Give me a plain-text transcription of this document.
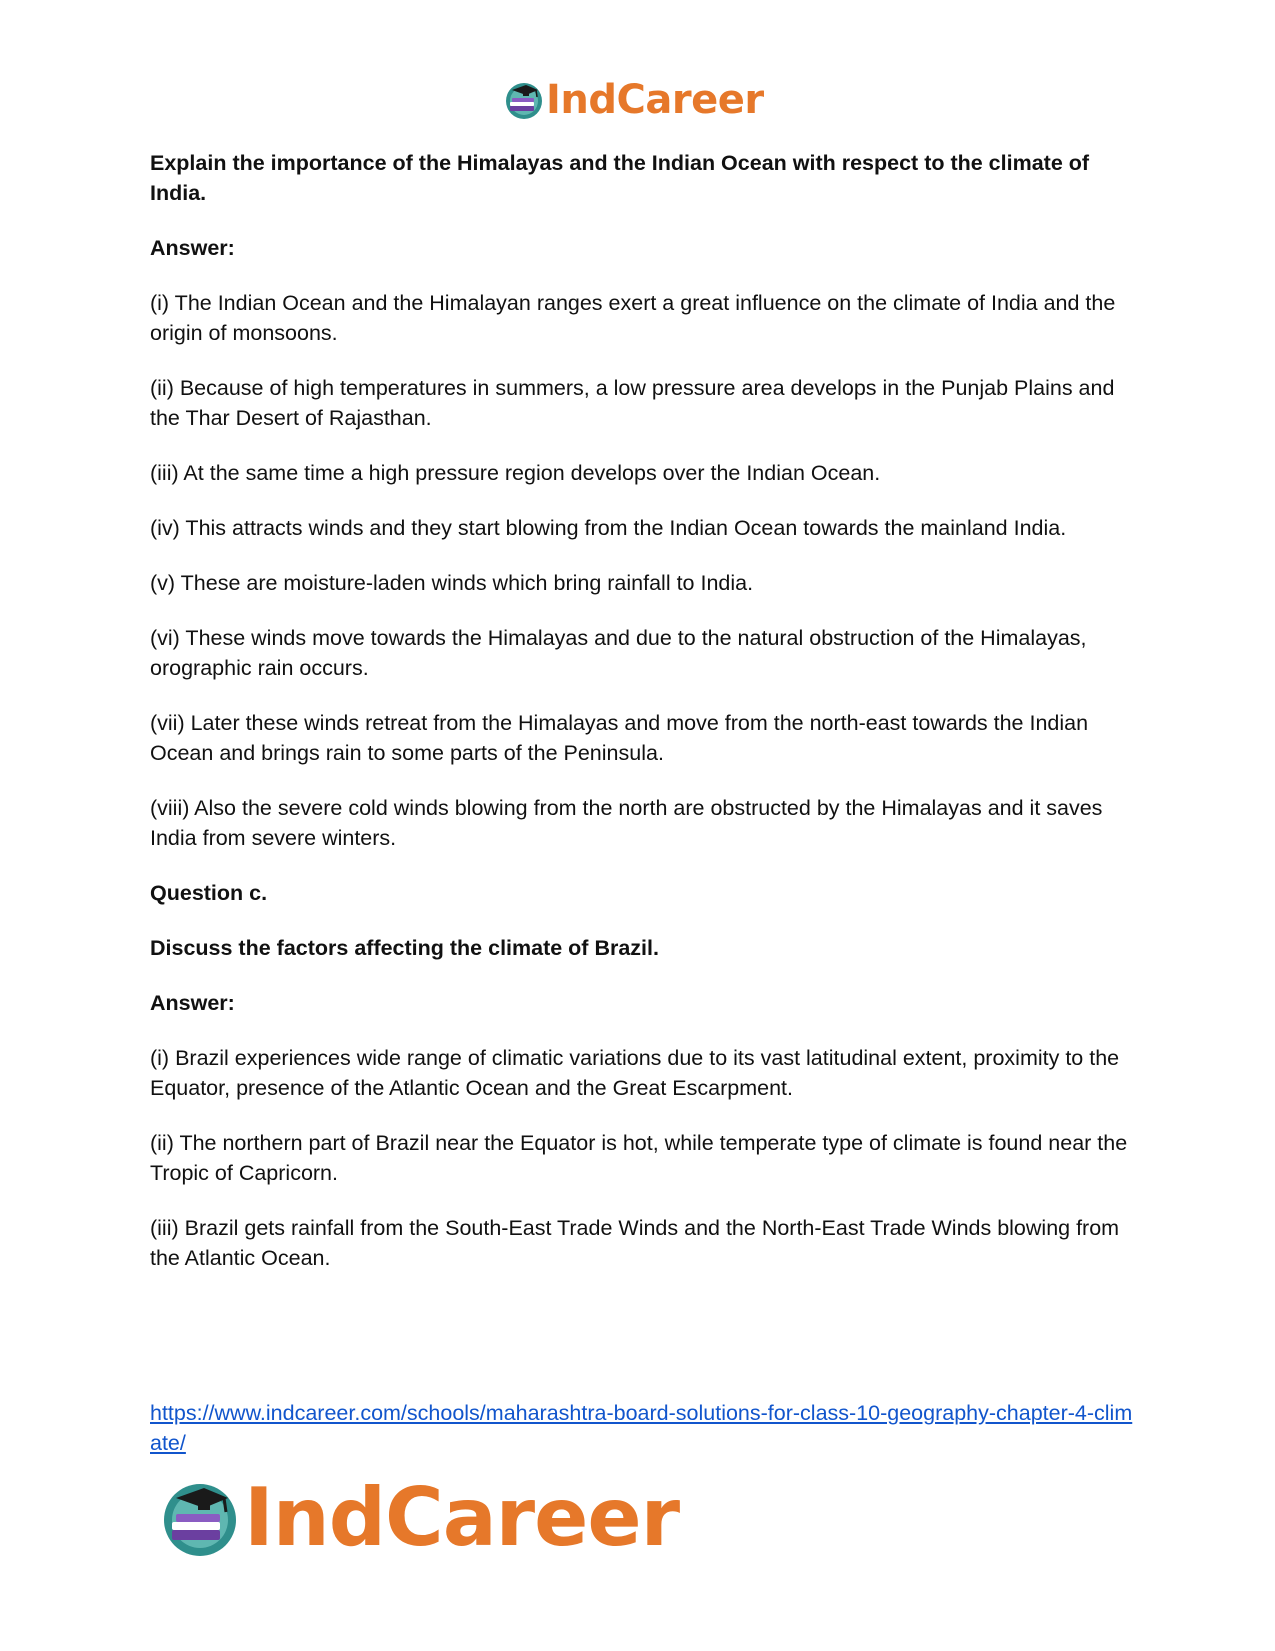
IndCareer

Explain the importance of the Himalayas and the Indian Ocean with respect to the climate of India.

Answer:

(i) The Indian Ocean and the Himalayan ranges exert a great influence on the climate of India and the origin of monsoons.

(ii) Because of high temperatures in summers, a low pressure area develops in the Punjab Plains and the Thar Desert of Rajasthan.

(iii) At the same time a high pressure region develops over the Indian Ocean.

(iv) This attracts winds and they start blowing from the Indian Ocean towards the mainland India.

(v) These are moisture-laden winds which bring rainfall to India.

(vi) These winds move towards the Himalayas and due to the natural obstruction of the Himalayas, orographic rain occurs.

(vii) Later these winds retreat from the Himalayas and move from the north-east towards the Indian Ocean and brings rain to some parts of the Peninsula.

(viii) Also the severe cold winds blowing from the north are obstructed by the Himalayas and it saves India from severe winters.

Question c.

Discuss the factors affecting the climate of Brazil.

Answer:

(i) Brazil experiences wide range of climatic variations due to its vast latitudinal extent, proximity to the Equator, presence of the Atlantic Ocean and the Great Escarpment.

(ii) The northern part of Brazil near the Equator is hot, while temperate type of climate is found near the Tropic of Capricorn.

(iii) Brazil gets rainfall from the South-East Trade Winds and the North-East Trade Winds blowing from the Atlantic Ocean.

https://www.indcareer.com/schools/maharashtra-board-solutions-for-class-10-geography-chapter-4-climate/
IndCareer
